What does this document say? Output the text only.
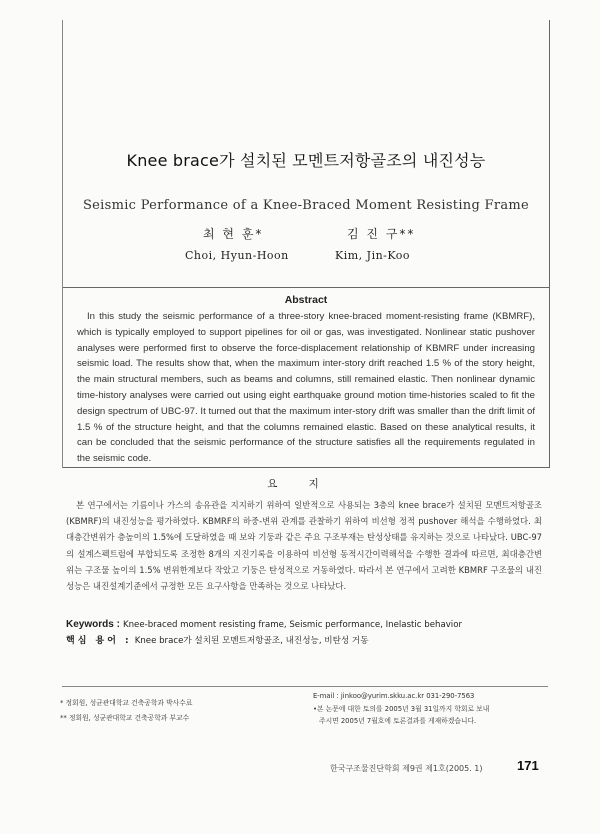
Knee brace가 설치된 모멘트저항골조의 내진성능
Seismic Performance of a Knee-Braced Moment Resisting Frame
최 현 훈*	김 진 구**
Choi, Hyun-Hoon	Kim, Jin-Koo
Abstract
In this study the seismic performance of a three-story knee-braced moment-resisting frame (KBMRF), which is typically employed to support pipelines for oil or gas, was investigated. Nonlinear static pushover analyses were performed first to observe the force-displacement relationship of KBMRF under increasing seismic load. The results show that, when the maximum inter-story drift reached 1.5 % of the story height, the main structural members, such as beams and columns, still remained elastic. Then nonlinear dynamic time-history analyses were carried out using eight earthquake ground motion time-histories scaled to fit the design spectrum of UBC-97. It turned out that the maximum inter-story drift was smaller than the drift limit of 1.5 % of the structure height, and that the columns remained elastic. Based on these analytical results, it can be concluded that the seismic performance of the structure satisfies all the requirements regulated in the seismic code.
요 지
본 연구에서는 기름이나 가스의 송유관을 지지하기 위하여 일반적으로 사용되는 3층의 knee brace가 설치된 모멘트저항골조(KBMRF)의 내진성능을 평가하였다. KBMRF의 하중-변위 관계를 관찰하기 위하여 비선형 정적 pushover 해석을 수행하였다. 최대층간변위가 층높이의 1.5%에 도달하였을 때 보와 기둥과 같은 주요 구조부재는 탄성상태를 유지하는 것으로 나타났다. UBC-97의 설계스펙트럼에 부합되도록 조정한 8개의 지진기록을 이용하여 비선형 동적시간이력해석을 수행한 결과에 따르면, 최대층간변위는 구조물 높이의 1.5% 변위한계보다 작았고 기둥은 탄성적으로 거동하였다. 따라서 본 연구에서 고려한 KBMRF 구조물의 내진성능은 내진설계기준에서 규정한 모든 요구사항을 만족하는 것으로 나타났다.
Keywords : Knee-braced moment resisting frame, Seismic performance, Inelastic behavior
핵심 용어 : Knee brace가 설치된 모멘트저항골조, 내진성능, 비탄성 거동
* 정회원, 성균관대학교 건축공학과 박사수료
** 정회원, 성균관대학교 건축공학과 부교수
E-mail : jinkoo@yurim.skku.ac.kr 031-290-7563
•본 논문에 대한 토의를 2005년 3월 31일까지 학회로 보내
주시면 2005년 7월호에 토론결과를 게재하겠습니다.
한국구조물진단학회 제9권 제1호(2005. 1)	171
